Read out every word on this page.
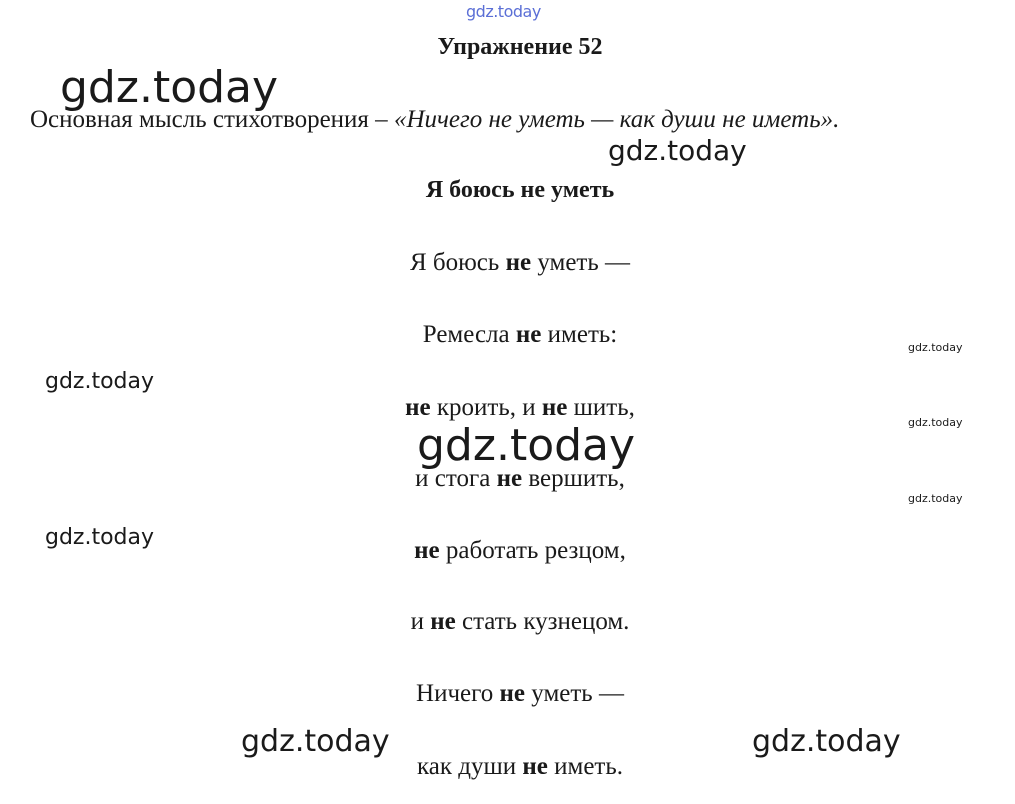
gdz.today
gdz.today
gdz.today
gdz.today
gdz.today
gdz.today
gdz.today
gdz.today
gdz.today
gdz.today	gdz.today
Упражнение 52
Основная мысль стихотворения – «Ничего не уметь — как души не иметь».
Я боюсь не уметь
Я боюсь не уметь —
Ремесла не иметь:
не кроить, и не шить,
и стога не вершить,
не работать резцом,
и не стать кузнецом.
Ничего не уметь —
как души не иметь.
